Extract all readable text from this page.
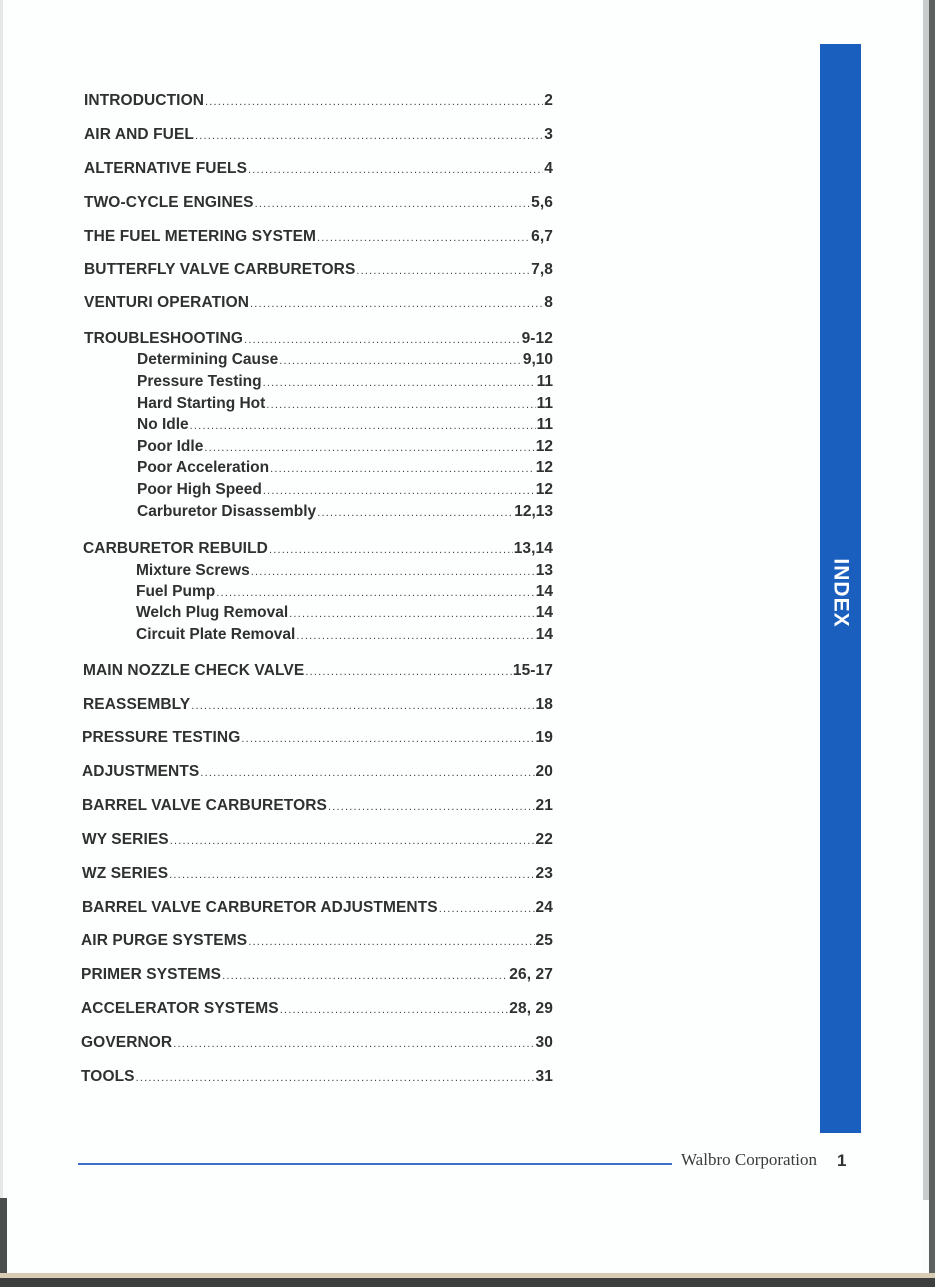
INTRODUCTION .....	2
AIR AND FUEL .....	3
ALTERNATIVE FUELS .....	4
TWO-CYCLE ENGINES .....	5,6
THE FUEL METERING SYSTEM .....	6,7
BUTTERFLY VALVE CARBURETORS .....	7,8
VENTURI OPERATION .....	8
TROUBLESHOOTING .....	9-12
Determining Cause .....	9,10
Pressure Testing .....	11
Hard Starting Hot .....	11
No Idle .....	11
Poor Idle .....	12
Poor Acceleration .....	12
Poor High Speed .....	12
Carburetor Disassembly .....	12,13
CARBURETOR REBUILD .....	13,14
Mixture Screws .....	13
Fuel Pump .....	14
Welch Plug Removal .....	14
Circuit Plate Removal .....	14
MAIN NOZZLE CHECK VALVE .....	15-17
REASSEMBLY .....	18
PRESSURE TESTING .....	19
ADJUSTMENTS .....	20
BARREL VALVE CARBURETORS .....	21
WY SERIES .....	22
WZ SERIES .....	23
BARREL VALVE CARBURETOR ADJUSTMENTS .....	24
AIR PURGE SYSTEMS .....	25
PRIMER SYSTEMS .....	26, 27
ACCELERATOR SYSTEMS .....	28, 29
GOVERNOR .....	30
TOOLS .....	31
INDEX
Walbro Corporation 1
